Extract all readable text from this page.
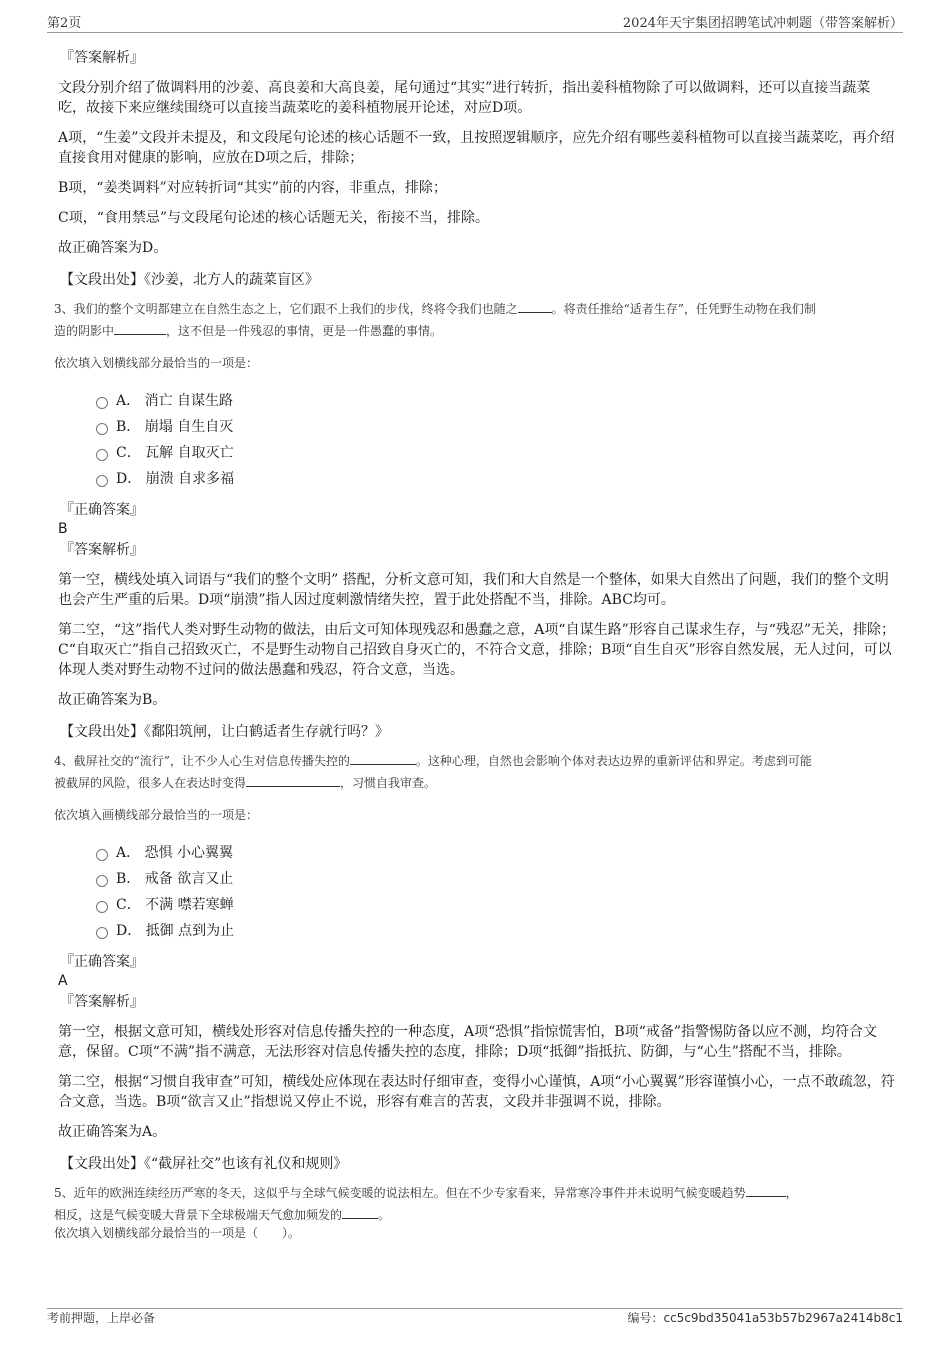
第2页	2024年天宇集团招聘笔试冲刺题（带答案解析）

『答案解析』

文段分别介绍了做调料用的沙姜、高良姜和大高良姜，尾句通过“其实”进行转折，指出姜科植物除了可以做调料，还可以直接当蔬菜吃，故接下来应继续围绕可以直接当蔬菜吃的姜科植物展开论述，对应D项。

A项，“生姜”文段并未提及，和文段尾句论述的核心话题不一致，且按照逻辑顺序，应先介绍有哪些姜科植物可以直接当蔬菜吃，再介绍直接食用对健康的影响，应放在D项之后，排除；

B项，“姜类调料”对应转折词“其实”前的内容，非重点，排除；

C项，“食用禁忌”与文段尾句论述的核心话题无关，衔接不当，排除。

故正确答案为D。

【文段出处】《沙姜，北方人的蔬菜盲区》

3、我们的整个文明都建立在自然生态之上，它们跟不上我们的步伐，终将令我们也随之	。将责任推给“适者生存”，任凭野生动物在我们制
造的阴影中	，这不但是一件残忍的事情，更是一件愚蠢的事情。

依次填入划横线部分最恰当的一项是：

A．
消亡 自谋生路
B．
崩塌 自生自灭
C．
瓦解 自取灭亡
D．
崩溃 自求多福

『正确答案』

B

『答案解析』

第一空，横线处填入词语与“我们的整个文明” 搭配，分析文意可知，我们和大自然是一个整体，如果大自然出了问题，我们的整个文明也会产生严重的后果。D项“崩溃”指人因过度刺激情绪失控，置于此处搭配不当，排除。ABC均可。

第二空，“这”指代人类对野生动物的做法，由后文可知体现残忍和愚蠢之意，A项“自谋生路”形容自己谋求生存，与“残忍”无关，排除；C“自取灭亡”指自己招致灭亡，不是野生动物自己招致自身灭亡的，不符合文意，排除；B项“自生自灭”形容自然发展，无人过问，可以体现人类对野生动物不过问的做法愚蠢和残忍，符合文意，当选。

故正确答案为B。

【文段出处】《鄱阳筑闸，让白鹤适者生存就行吗？》

4、截屏社交的“流行”，让不少人心生对信息传播失控的	。这种心理，自然也会影响个体对表达边界的重新评估和界定。考虑到可能
被截屏的风险，很多人在表达时变得	，习惯自我审查。

依次填入画横线部分最恰当的一项是：

A．
恐惧 小心翼翼
B．
戒备 欲言又止
C．
不满 噤若寒蝉
D．
抵御 点到为止

『正确答案』

A

『答案解析』

第一空，根据文意可知，横线处形容对信息传播失控的一种态度，A项“恐惧”指惊慌害怕，B项“戒备”指警惕防备以应不测，均符合文意，保留。C项“不满”指不满意，无法形容对信息传播失控的态度，排除；D项“抵御”指抵抗、防御，与“心生”搭配不当，排除。

第二空，根据“习惯自我审查”可知，横线处应体现在表达时仔细审查，变得小心谨慎，A项“小心翼翼”形容谨慎小心，一点不敢疏忽，符合文意，当选。B项“欲言又止”指想说又停止不说，形容有难言的苦衷，文段并非强调不说，排除。

故正确答案为A。

【文段出处】《“截屏社交”也该有礼仪和规则》

5、近年的欧洲连续经历严寒的冬天，这似乎与全球气候变暖的说法相左。但在不少专家看来，异常寒冷事件并未说明气候变暖趋势	，
相反，这是气候变暖大背景下全球极端天气愈加频发的	。

依次填入划横线部分最恰当的一项是（　　）。

考前押题，上岸必备	编号：cc5c9bd35041a53b57b2967a2414b8c1
